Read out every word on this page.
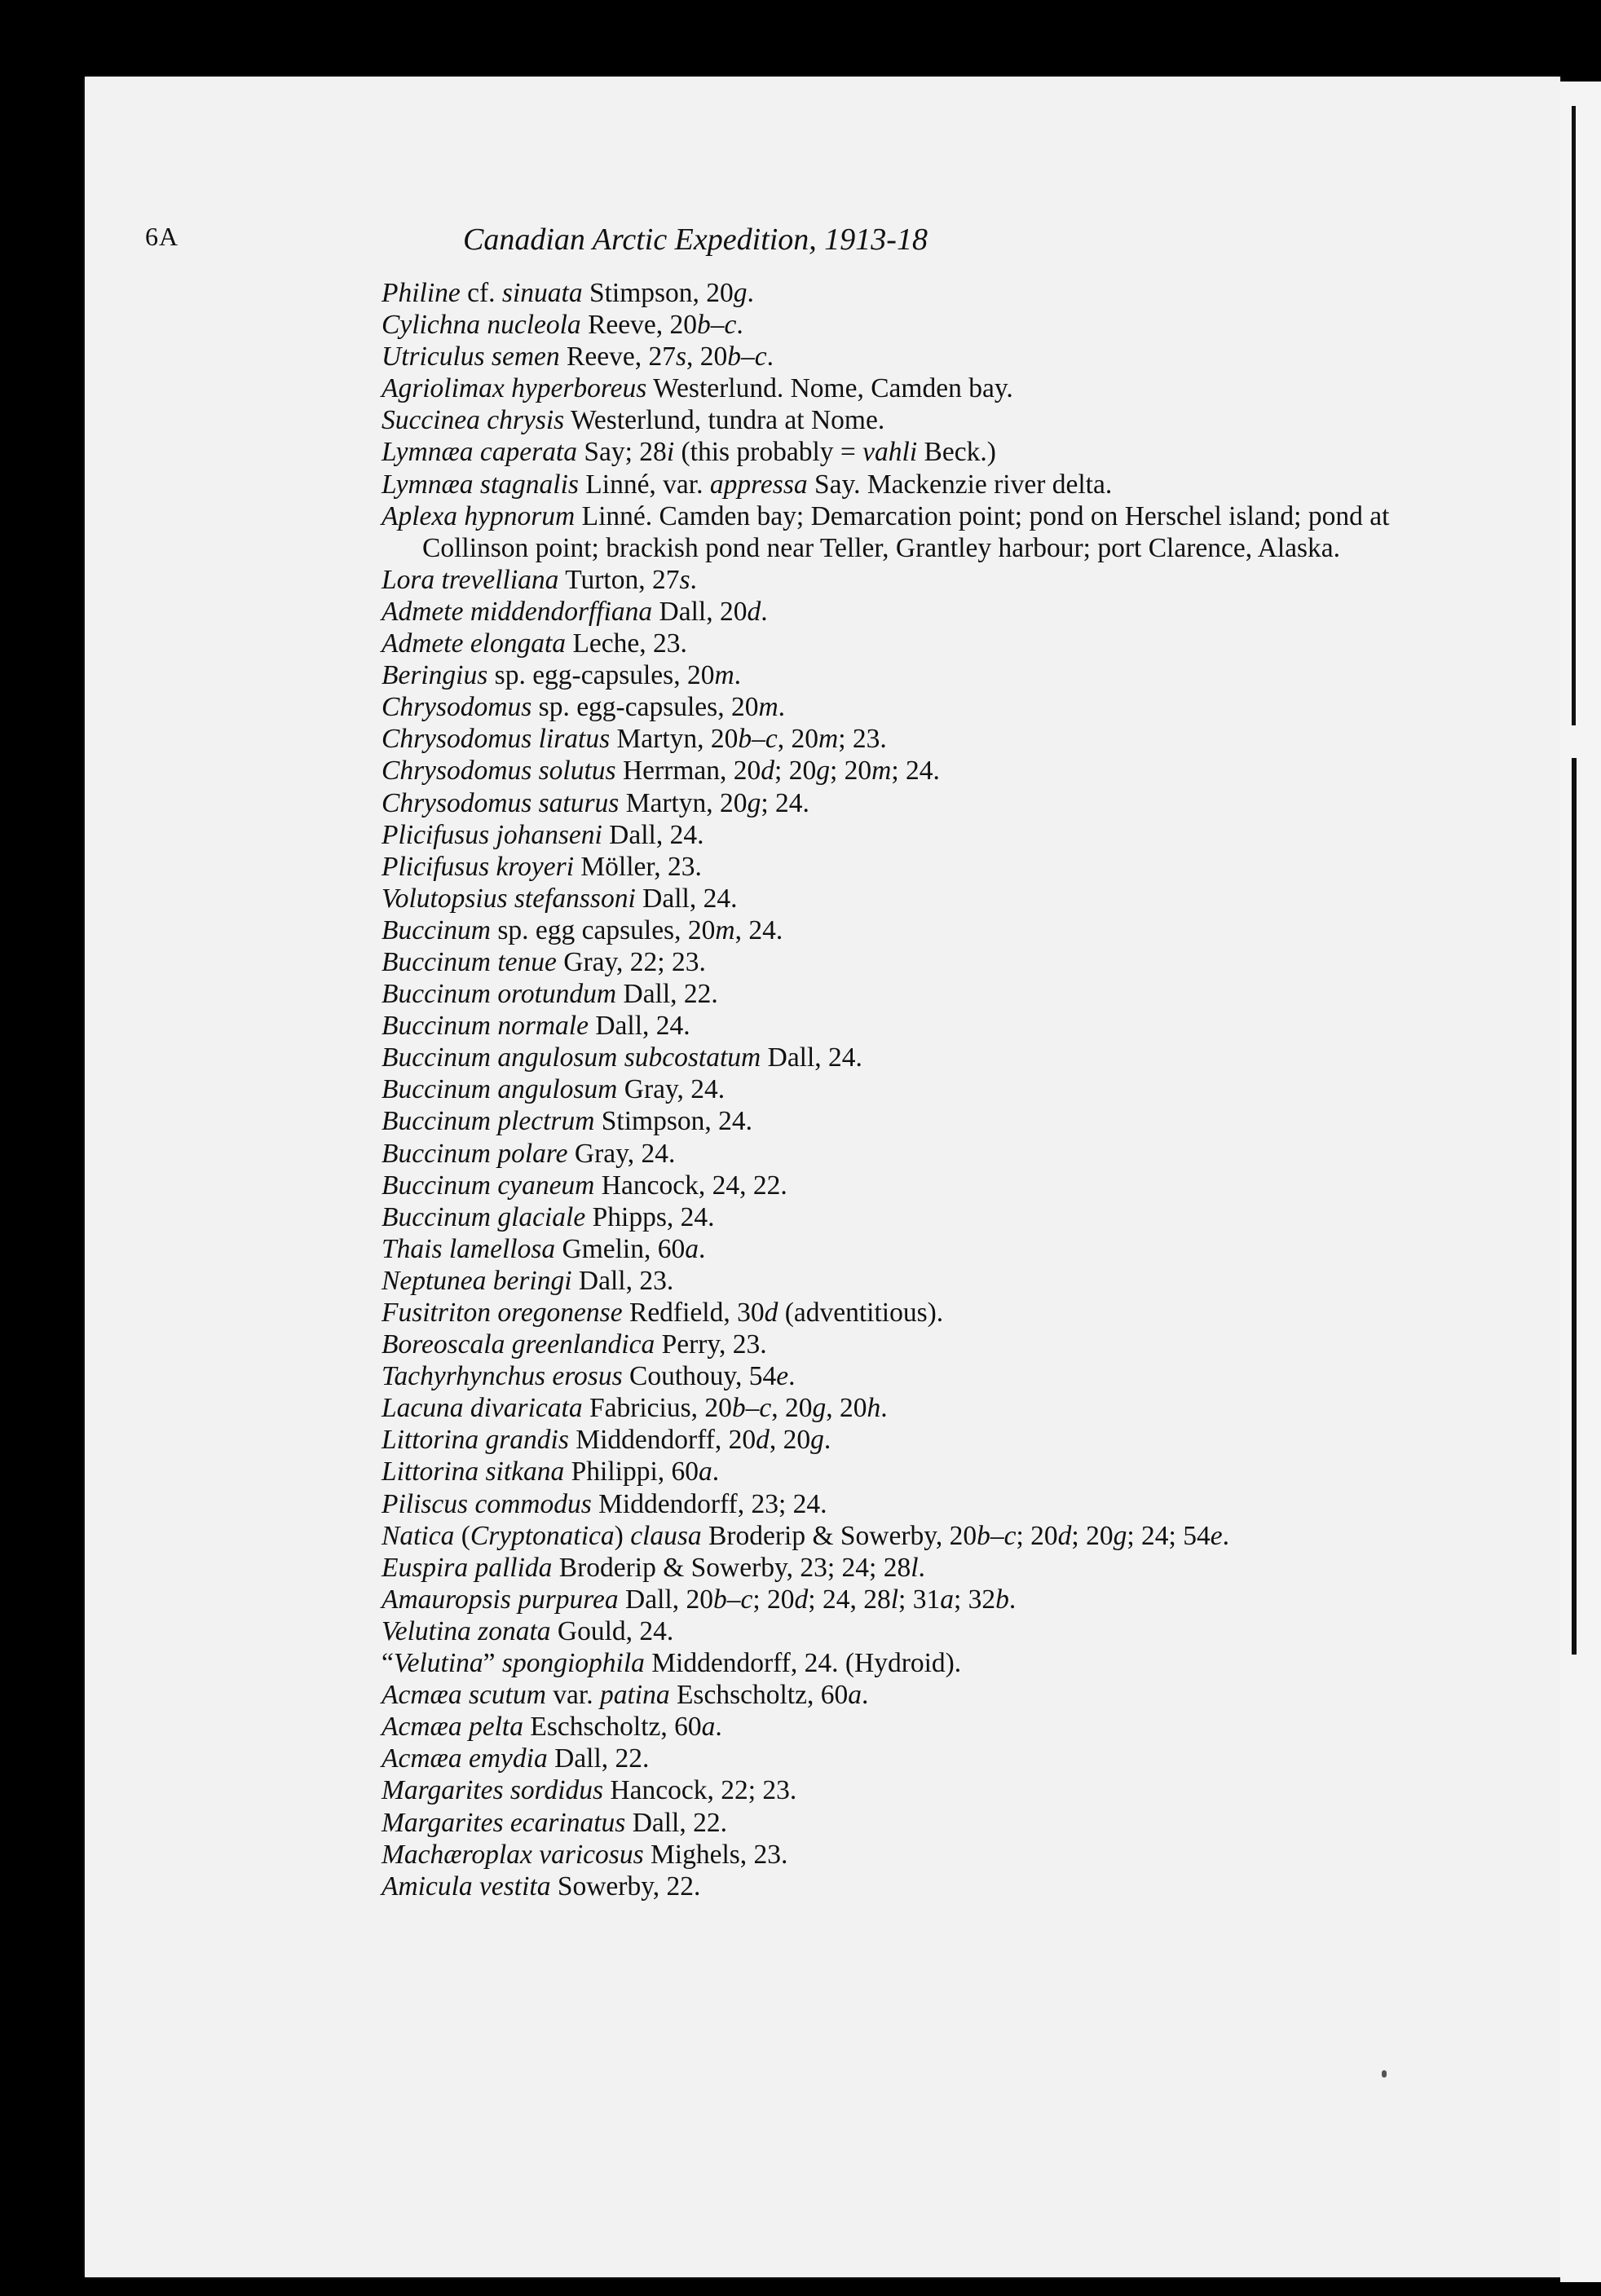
6A	Canadian Arctic Expedition, 1913-18

Philine cf. sinuata Stimpson, 20g.

Cylichna nucleola Reeve, 20b–c.

Utriculus semen Reeve, 27s, 20b–c.

Agriolimax hyperboreus Westerlund. Nome, Camden bay.

Succinea chrysis Westerlund, tundra at Nome.

Lymnæa caperata Say; 28i (this probably = vahli Beck.)

Lymnæa stagnalis Linné, var. appressa Say. Mackenzie river delta.

Aplexa hypnorum Linné. Camden bay; Demarcation point; pond on Herschel island; pond at Collinson point; brackish pond near Teller, Grantley harbour; port Clarence, Alaska.

Lora trevelliana Turton, 27s.

Admete middendorffiana Dall, 20d.

Admete elongata Leche, 23.

Beringius sp. egg-capsules, 20m.

Chrysodomus sp. egg-capsules, 20m.

Chrysodomus liratus Martyn, 20b–c, 20m; 23.

Chrysodomus solutus Herrman, 20d; 20g; 20m; 24.

Chrysodomus saturus Martyn, 20g; 24.

Plicifusus johanseni Dall, 24.

Plicifusus kroyeri Möller, 23.

Volutopsius stefanssoni Dall, 24.

Buccinum sp. egg capsules, 20m, 24.

Buccinum tenue Gray, 22; 23.

Buccinum orotundum Dall, 22.

Buccinum normale Dall, 24.

Buccinum angulosum subcostatum Dall, 24.

Buccinum angulosum Gray, 24.

Buccinum plectrum Stimpson, 24.

Buccinum polare Gray, 24.

Buccinum cyaneum Hancock, 24, 22.

Buccinum glaciale Phipps, 24.

Thais lamellosa Gmelin, 60a.

Neptunea beringi Dall, 23.

Fusitriton oregonense Redfield, 30d (adventitious).

Boreoscala greenlandica Perry, 23.

Tachyrhynchus erosus Couthouy, 54e.

Lacuna divaricata Fabricius, 20b–c, 20g, 20h.

Littorina grandis Middendorff, 20d, 20g.

Littorina sitkana Philippi, 60a.

Piliscus commodus Middendorff, 23; 24.

Natica (Cryptonatica) clausa Broderip & Sowerby, 20b–c; 20d; 20g; 24; 54e.

Euspira pallida Broderip & Sowerby, 23; 24; 28l.

Amauropsis purpurea Dall, 20b–c; 20d; 24, 28l; 31a; 32b.

Velutina zonata Gould, 24.

“Velutina” spongiophila Middendorff, 24. (Hydroid).

Acmæa scutum var. patina Eschscholtz, 60a.

Acmæa pelta Eschscholtz, 60a.

Acmæa emydia Dall, 22.

Margarites sordidus Hancock, 22; 23.

Margarites ecarinatus Dall, 22.

Machæroplax varicosus Mighels, 23.

Amicula vestita Sowerby, 22.
